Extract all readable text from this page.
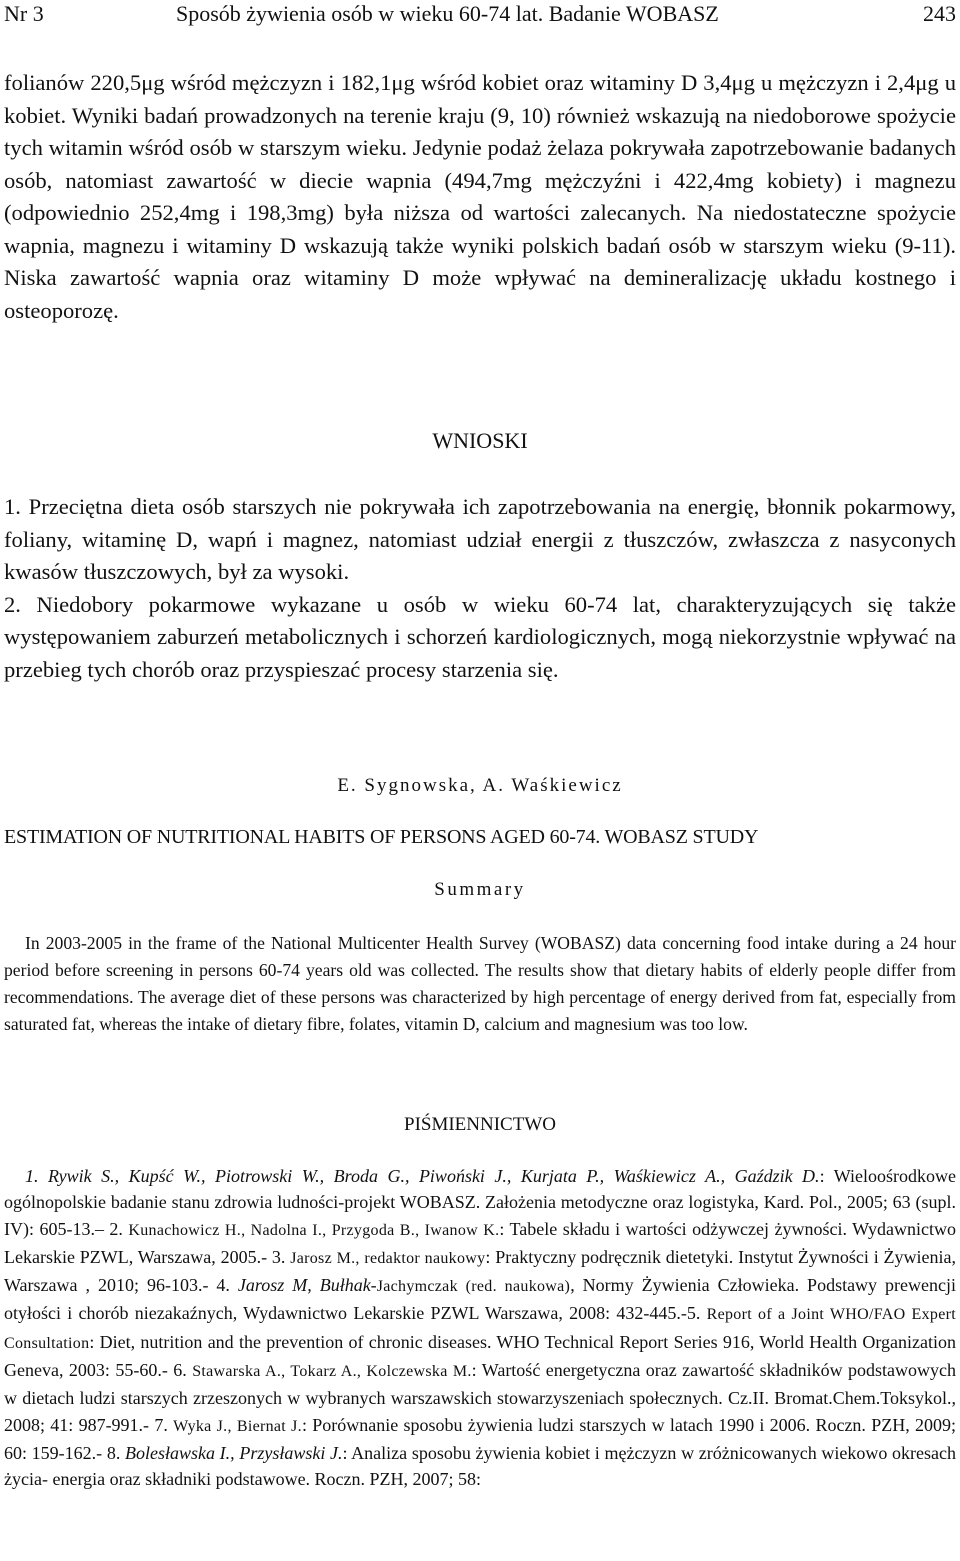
Nr 3	Sposób żywienia osób w wieku 60-74 lat. Badanie WOBASZ	243

folianów 220,5μg wśród mężczyzn i 182,1μg wśród kobiet oraz witaminy D 3,4μg u mężczyzn i 2,4μg u kobiet. Wyniki badań prowadzonych na terenie kraju (9, 10) również wskazują na niedoborowe spożycie tych witamin wśród osób w starszym wieku. Jedynie podaż żelaza pokrywała zapotrzebowanie badanych osób, natomiast zawartość w diecie wapnia (494,7mg mężczyźni i 422,4mg kobiety) i magnezu (odpowiednio 252,4mg i 198,3mg) była niższa od wartości zalecanych. Na niedostateczne spożycie wapnia, magnezu i witaminy D wskazują także wyniki polskich badań osób w starszym wieku (9-11). Niska zawartość wapnia oraz witaminy D może wpływać na demineralizację układu kostnego i osteoporozę.

WNIOSKI

1. Przeciętna dieta osób starszych nie pokrywała ich zapotrzebowania na energię, błonnik pokarmowy, foliany, witaminę D, wapń i magnez, natomiast udział energii z tłuszczów, zwłaszcza z nasyconych kwasów tłuszczowych, był za wysoki.

2. Niedobory pokarmowe wykazane u osób w wieku 60-74 lat, charakteryzujących się także występowaniem zaburzeń metabolicznych i schorzeń kardiologicznych, mogą niekorzystnie wpływać na przebieg tych chorób oraz przyspieszać procesy starzenia się.

E. Sygnowska, A. Waśkiewicz
ESTIMATION OF NUTRITIONAL HABITS OF PERSONS AGED 60-74. WOBASZ STUDY
Summary

In 2003-2005 in the frame of the National Multicenter Health Survey (WOBASZ) data concerning food intake during a 24 hour period before screening in persons 60-74 years old was collected. The results show that dietary habits of elderly people differ from recommendations. The average diet of these persons was characterized by high percentage of energy derived from fat, especially from saturated fat, whereas the intake of dietary fibre, folates, vitamin D, calcium and magnesium was too low.

PIŚMIENNICTWO

1. Rywik S., Kupść W., Piotrowski W., Broda G., Piwoński J., Kurjata P., Waśkiewicz A., Gaździk D.: Wieloośrodkowe ogólnopolskie badanie stanu zdrowia ludności-projekt WOBASZ. Założenia metodyczne oraz logistyka, Kard. Pol., 2005; 63 (supl. IV): 605-13.– 2. Kunachowicz H., Nadolna I., Przygoda B., Iwanow K.: Tabele składu i wartości odżywczej żywności. Wydawnictwo Lekarskie PZWL, Warszawa, 2005.- 3. Jarosz M., redaktor naukowy: Praktyczny podręcznik dietetyki. Instytut Żywności i Żywienia, Warszawa , 2010; 96-103.- 4. Jarosz M, Bułhak-Jachymczak (red. naukowa), Normy Żywienia Człowieka. Podstawy prewencji otyłości i chorób niezakaźnych, Wydawnictwo Lekarskie PZWL Warszawa, 2008: 432-445.-5. Report of a Joint WHO/FAO Expert Consultation: Diet, nutrition and the prevention of chronic diseases. WHO Technical Report Series 916, World Health Organization Geneva, 2003: 55-60.- 6. Stawarska A., Tokarz A., Kolczewska M.: Wartość energetyczna oraz zawartość składników podstawowych w dietach ludzi starszych zrzeszonych w wybranych warszawskich stowarzyszeniach społecznych. Cz.II. Bromat.Chem.Toksykol., 2008; 41: 987-991.- 7. Wyka J., Biernat J.: Porównanie sposobu żywienia ludzi starszych w latach 1990 i 2006. Roczn. PZH, 2009; 60: 159-162.- 8. Bolesławska I., Przysławski J.: Analiza sposobu żywienia kobiet i mężczyzn w zróżnicowanych wiekowo okresach życia- energia oraz składniki podstawowe. Roczn. PZH, 2007; 58:
